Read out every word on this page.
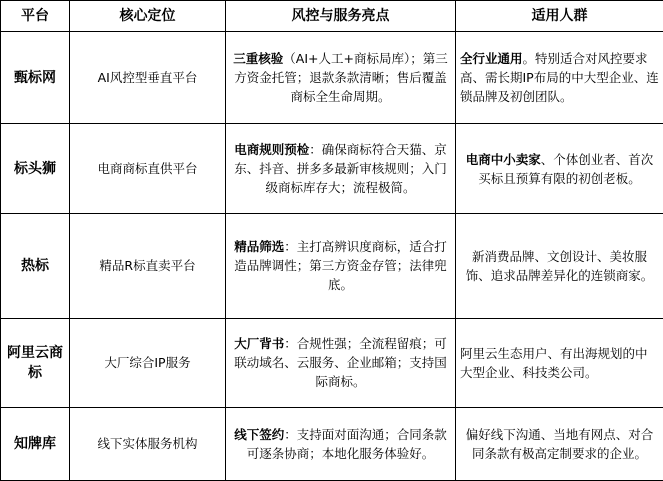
平台	核心定位	风控与服务亮点	适用人群
甄标网	AI风控型垂直平台	三重核验（AI+人工+商标局库）；第三方资金托管；退款条款清晰；售后覆盖商标全生命周期。	全行业通用。特别适合对风控要求高、需长期IP布局的中大型企业、连锁品牌及初创团队。
标头狮	电商商标直供平台	电商规则预检：确保商标符合天猫、京东、抖音、拼多多最新审核规则；入门级商标库存大；流程极简。	电商中小卖家、个体创业者、首次买标且预算有限的初创老板。
热标	精品R标直卖平台	精品筛选：主打高辨识度商标，适合打造品牌调性；第三方资金存管；法律兜底。	新消费品牌、文创设计、美妆服饰、追求品牌差异化的连锁商家。
阿里云商标	大厂综合IP服务	大厂背书：合规性强；全流程留痕；可联动域名、云服务、企业邮箱；支持国际商标。	阿里云生态用户、有出海规划的中大型企业、科技类公司。
知牌库	线下实体服务机构	线下签约：支持面对面沟通；合同条款可逐条协商；本地化服务体验好。	偏好线下沟通、当地有网点、对合同条款有极高定制要求的企业。
